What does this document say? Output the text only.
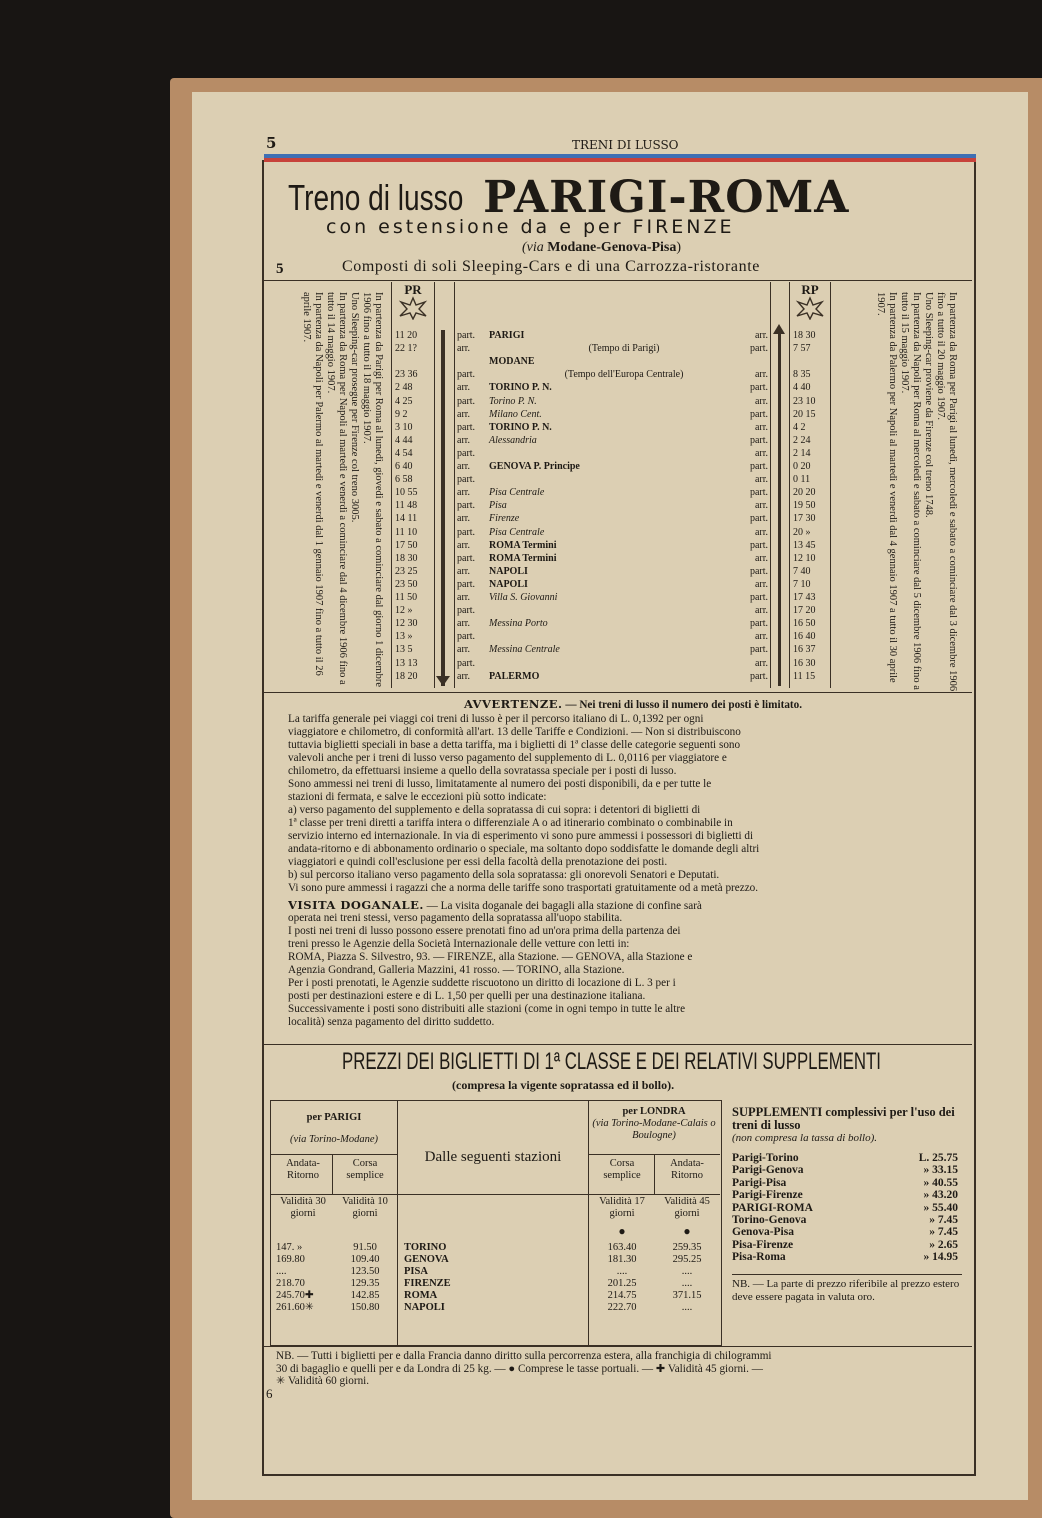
5	TRENI DI LUSSO
Treno di lusso PARIGI-ROMA
con estensione da e per FIRENZE
(via Modane-Genova-Pisa)
5	Composti di soli Sleeping-Cars e di una Carrozza-ristorante
In partenza da Parigi per Roma al lunedì, giovedì e sabato a cominciare dal giorno 1 dicembre 1906 fino a tutto il 18 maggio 1907.
Uno Sleeping-car prosegue per Firenze col treno 3005.
In partenza da Roma per Napoli al martedì e venerdì a cominciare dal 4 dicembre 1906 fino a tutto il 14 maggio 1907.
In partenza da Napoli per Palermo al martedì e venerdì dal 1 gennaio 1907 fino a tutto il 26 aprile 1907.	In partenza da Roma per Parigi al lunedì, mercoledì e sabato a cominciare dal 3 dicembre 1906 fino a tutto il 20 maggio 1907.
Uno Sleeping-car proviene da Firenze col treno 1748.
In partenza da Napoli per Roma al mercoledì e sabato a cominciare dal 5 dicembre 1906 fino a tutto il 15 maggio 1907.
In partenza da Palermo per Napoli al martedì e venerdì dal 4 gennaio 1907 a tutto il 30 aprile 1907.
PR	RP
11 20	part.	PARIGI	arr.	18 30
22 1?	arr.	(Tempo di Parigi)	part.	7 57
MODANE
23 36	part.	(Tempo dell'Europa Centrale)	arr.	8 35
2 48	arr.	TORINO P. N.	part.	4 40
4 25	part.	Torino P. N.	arr.	23 10
9 2	arr.	Milano Cent.	part.	20 15
3 10	part.	TORINO P. N.	arr.	4 2
4 44	arr.	Alessandria	part.	2 24
4 54	part.	arr.	2 14
6 40	arr.	GENOVA P. Principe	part.	0 20
6 58	part.	arr.	0 11
10 55	arr.	Pisa Centrale	part.	20 20
11 48	part.	Pisa	arr.	19 50
14 11	arr.	Firenze	part.	17 30
11 10	part.	Pisa Centrale	arr.	20 »
17 50	arr.	ROMA Termini	part.	13 45
18 30	part.	ROMA Termini	arr.	12 10
23 25	arr.	NAPOLI	part.	7 40
23 50	part.	NAPOLI	arr.	7 10
11 50	arr.	Villa S. Giovanni	part.	17 43
12 »	part.	arr.	17 20
12 30	arr.	Messina Porto	part.	16 50
13 »	part.	arr.	16 40
13 5	arr.	Messina Centrale	part.	16 37
13 13	part.	arr.	16 30
18 20	arr.	PALERMO	part.	11 15
AVVERTENZE. — Nei treni di lusso il numero dei posti è limitato.
La tariffa generale pei viaggi coi treni di lusso è per il percorso italiano di L. 0,1392 per ogni
viaggiatore e chilometro, di conformità all'art. 13 delle Tariffe e Condizioni. — Non si distribuiscono
tuttavia biglietti speciali in base a detta tariffa, ma i biglietti di 1ª classe delle categorie seguenti sono
valevoli anche per i treni di lusso verso pagamento del supplemento di L. 0,0116 per viaggiatore e
chilometro, da effettuarsi insieme a quello della sovratassa speciale per i posti di lusso.
Sono ammessi nei treni di lusso, limitatamente al numero dei posti disponibili, da e per tutte le
stazioni di fermata, e salve le eccezioni più sotto indicate:
a) verso pagamento del supplemento e della sopratassa di cui sopra: i detentori di biglietti di
1ª classe per treni diretti a tariffa intera o differenziale A o ad itinerario combinato o combinabile in
servizio interno ed internazionale. In via di esperimento vi sono pure ammessi i possessori di biglietti di
andata-ritorno e di abbonamento ordinario o speciale, ma soltanto dopo soddisfatte le domande degli altri
viaggiatori e quindi coll'esclusione per essi della facoltà della prenotazione dei posti.
b) sul percorso italiano verso pagamento della sola sopratassa: gli onorevoli Senatori e Deputati.
Vi sono pure ammessi i ragazzi che a norma delle tariffe sono trasportati gratuitamente od a metà prezzo.
VISITA DOGANALE. — La visita doganale dei bagagli alla stazione di confine sarà
operata nei treni stessi, verso pagamento della sopratassa all'uopo stabilita.
I posti nei treni di lusso possono essere prenotati fino ad un'ora prima della partenza dei
treni presso le Agenzie della Società Internazionale delle vetture con letti in:
ROMA, Piazza S. Silvestro, 93. — FIRENZE, alla Stazione. — GENOVA, alla Stazione e
Agenzia Gondrand, Galleria Mazzini, 41 rosso. — TORINO, alla Stazione.
Per i posti prenotati, le Agenzie suddette riscuotono un diritto di locazione di L. 3 per i
posti per destinazioni estere e di L. 1,50 per quelli per una destinazione italiana.
Successivamente i posti sono distribuiti alle stazioni (come in ogni tempo in tutte le altre
località) senza pagamento del diritto suddetto.
PREZZI DEI BIGLIETTI DI 1ª CLASSE E DEI RELATIVI SUPPLEMENTI
(compresa la vigente sopratassa ed il bollo).
per PARIGI
(via Torino-Modane)
Andata-Ritorno
Corsa semplice
Validità 30 giorni
Validità 10 giorni
Dalle seguenti stazioni
per LONDRA
(via Torino-Modane-Calais o Boulogne)
Corsa semplice
Andata-Ritorno
Validità 17 giorni
Validità 45 giorni
●	●
147. »	91.50	TORINO	163.40	259.35
169.80	109.40	GENOVA	181.30	295.25
....	123.50	PISA	....	....
218.70	129.35	FIRENZE	201.25	....
245.70✚	142.85	ROMA	214.75	371.15
261.60✳	150.80	NAPOLI	222.70	....
SUPPLEMENTI complessivi per l'uso dei treni di lusso
(non compresa la tassa di bollo).
Parigi-Torino	L. 25.75
Parigi-Genova	» 33.15
Parigi-Pisa	» 40.55
Parigi-Firenze	» 43.20
PARIGI-ROMA	» 55.40
Torino-Genova	» 7.45
Genova-Pisa	» 7.45
Pisa-Firenze	» 2.65
Pisa-Roma	» 14.95
NB. — La parte di prezzo riferibile al prezzo estero deve essere pagata in valuta oro.
NB. — Tutti i biglietti per e dalla Francia danno diritto sulla percorrenza estera, alla franchigia di chilogrammi
30 di bagaglio e quelli per e da Londra di 25 kg. — ● Comprese le tasse portuali. — ✚ Validità 45 giorni. —
✳ Validità 60 giorni.
6
